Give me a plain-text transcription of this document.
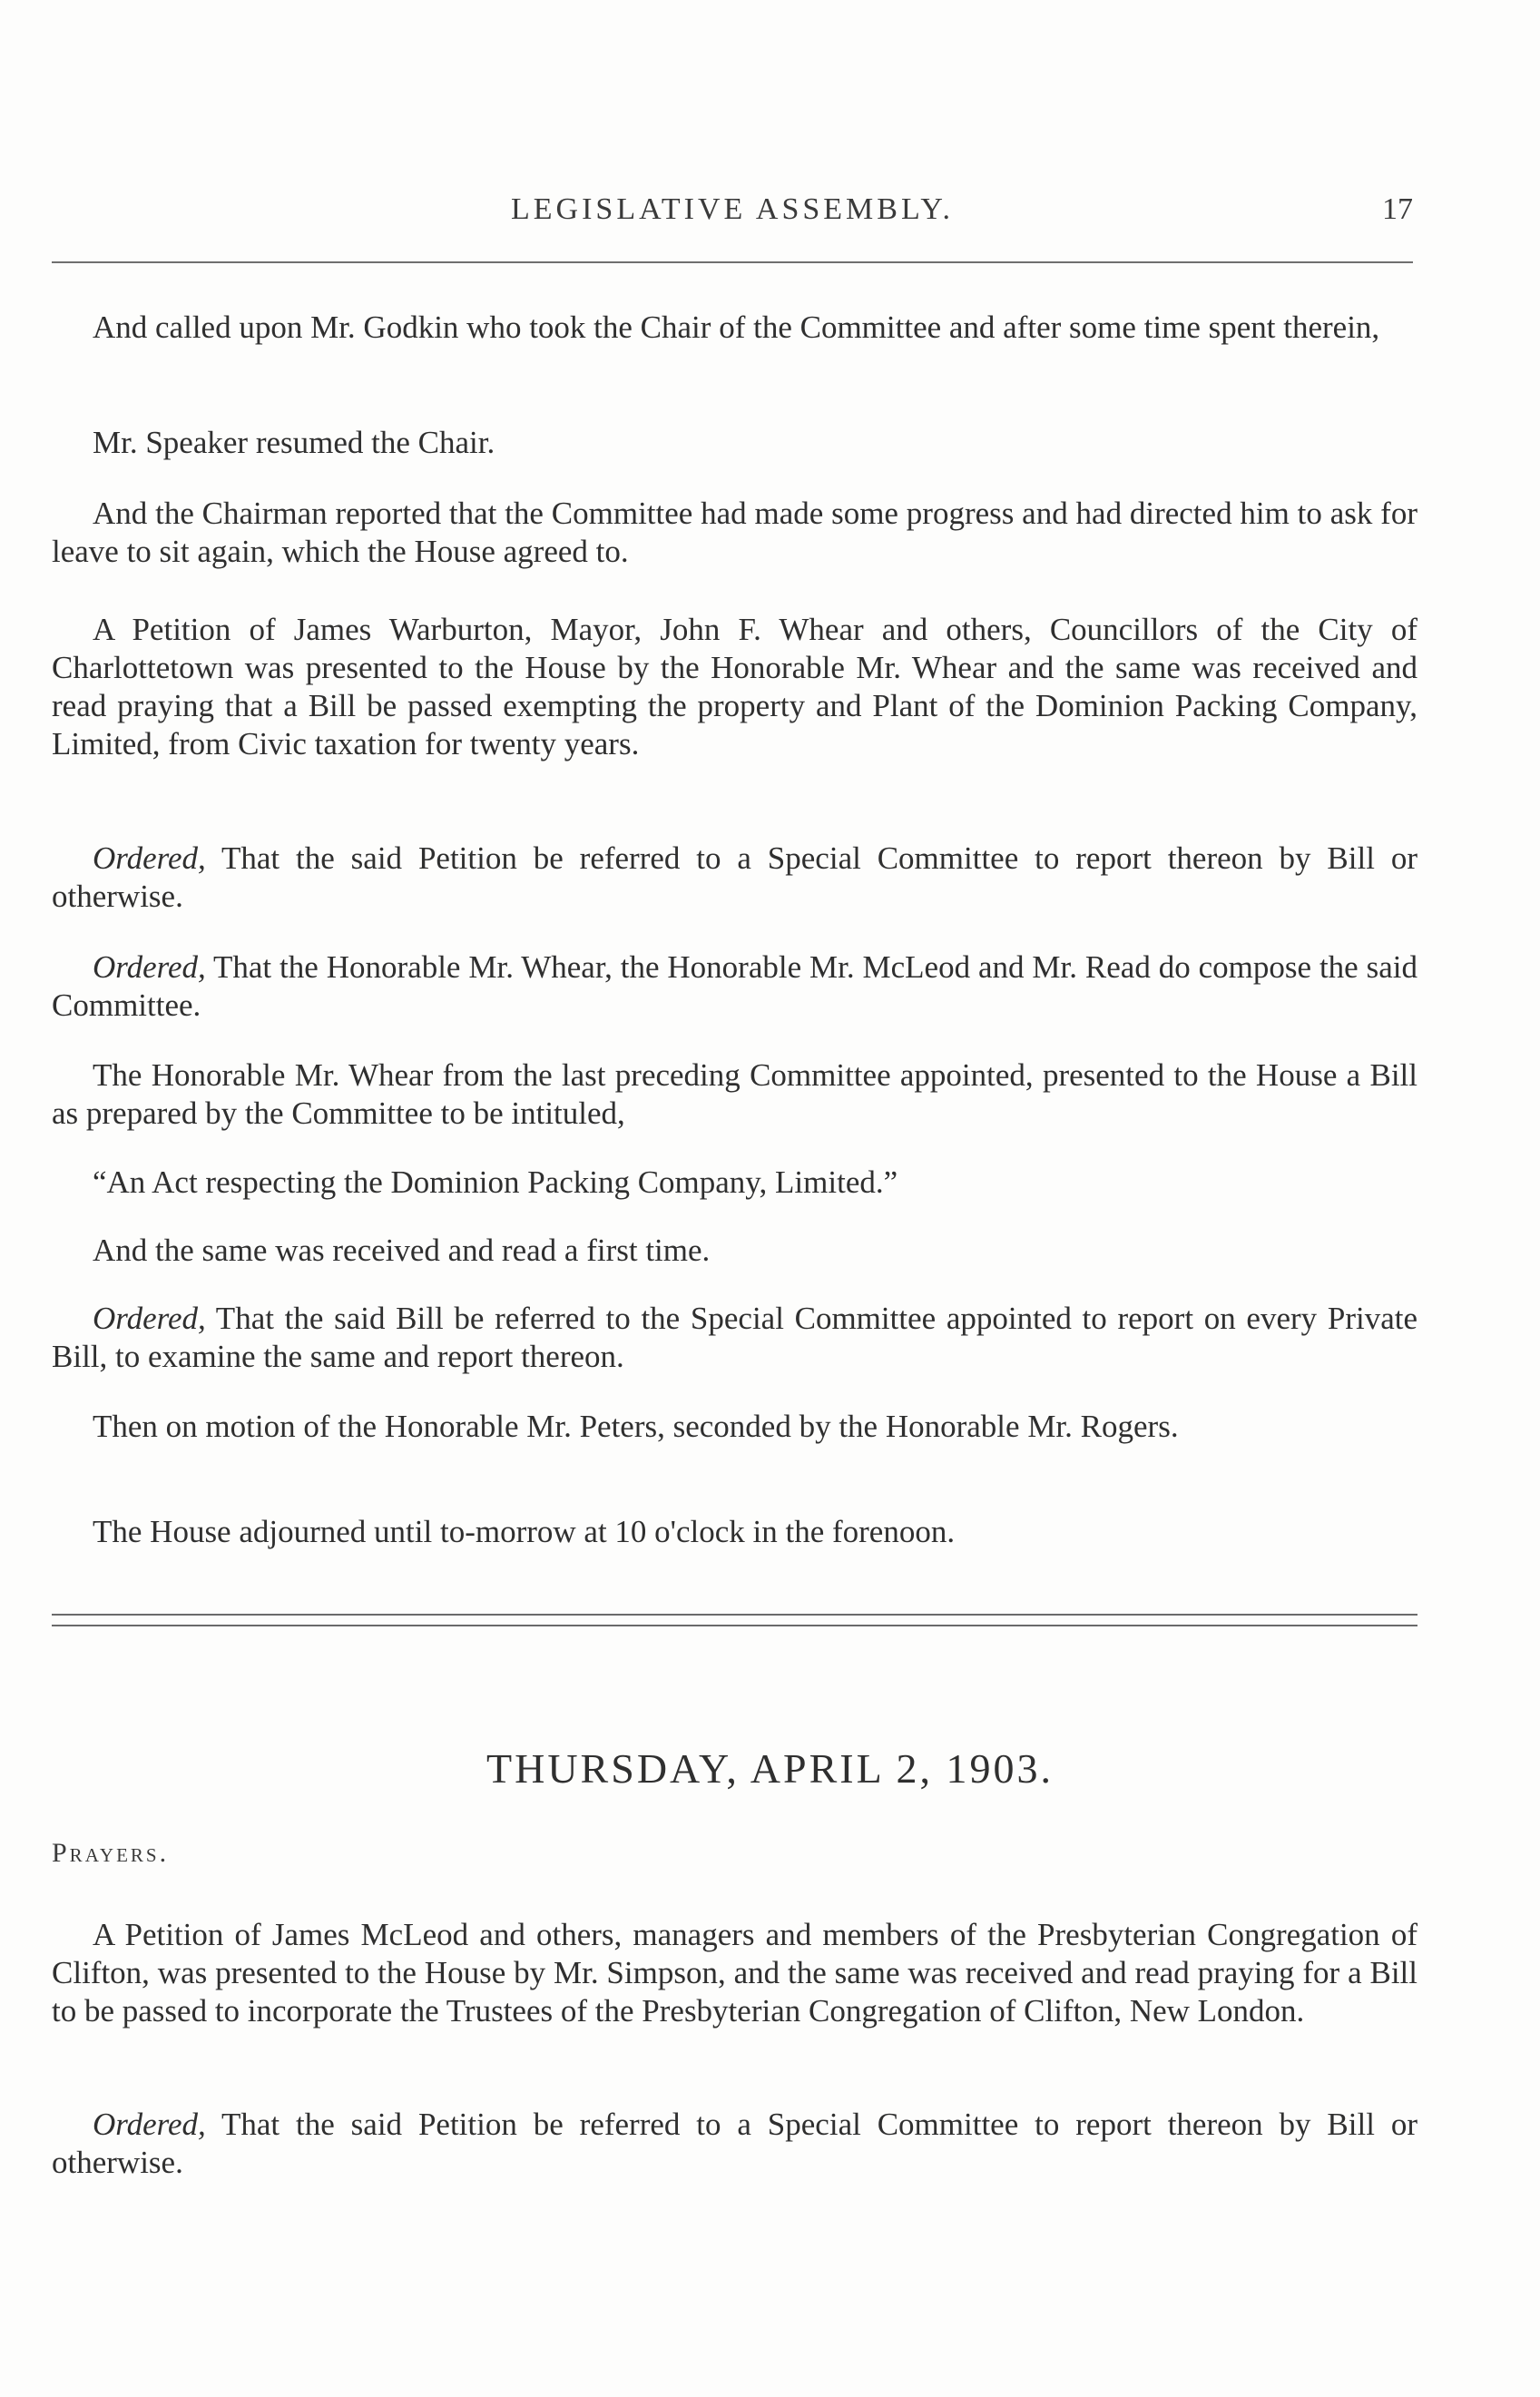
LEGISLATIVE ASSEMBLY.	17

And called upon Mr. Godkin who took the Chair of the Committee and after some time spent therein,

Mr. Speaker resumed the Chair.

And the Chairman reported that the Committee had made some progress and had directed him to ask for leave to sit again, which the House agreed to.

A Petition of James Warburton, Mayor, John F. Whear and others, Councillors of the City of Charlottetown was presented to the House by the Honorable Mr. Whear and the same was received and read praying that a Bill be passed exempting the property and Plant of the Dominion Packing Company, Limited, from Civic taxation for twenty years.

Ordered, That the said Petition be referred to a Special Committee to report thereon by Bill or otherwise.

Ordered, That the Honorable Mr. Whear, the Honorable Mr. McLeod and Mr. Read do compose the said Committee.

The Honorable Mr. Whear from the last preceding Committee appointed, presented to the House a Bill as prepared by the Committee to be intituled,

“An Act respecting the Dominion Packing Company, Limited.”

And the same was received and read a first time.

Ordered, That the said Bill be referred to the Special Committee appointed to report on every Private Bill, to examine the same and report thereon.

Then on motion of the Honorable Mr. Peters, seconded by the Honorable Mr. Rogers.

The House adjourned until to-morrow at 10 o'clock in the forenoon.

THURSDAY, APRIL 2, 1903.
Prayers.

A Petition of James McLeod and others, managers and members of the Presbyterian Congregation of Clifton, was presented to the House by Mr. Simpson, and the same was received and read praying for a Bill to be passed to incorporate the Trustees of the Presbyterian Congregation of Clifton, New London.

Ordered, That the said Petition be referred to a Special Committee to report thereon by Bill or otherwise.
